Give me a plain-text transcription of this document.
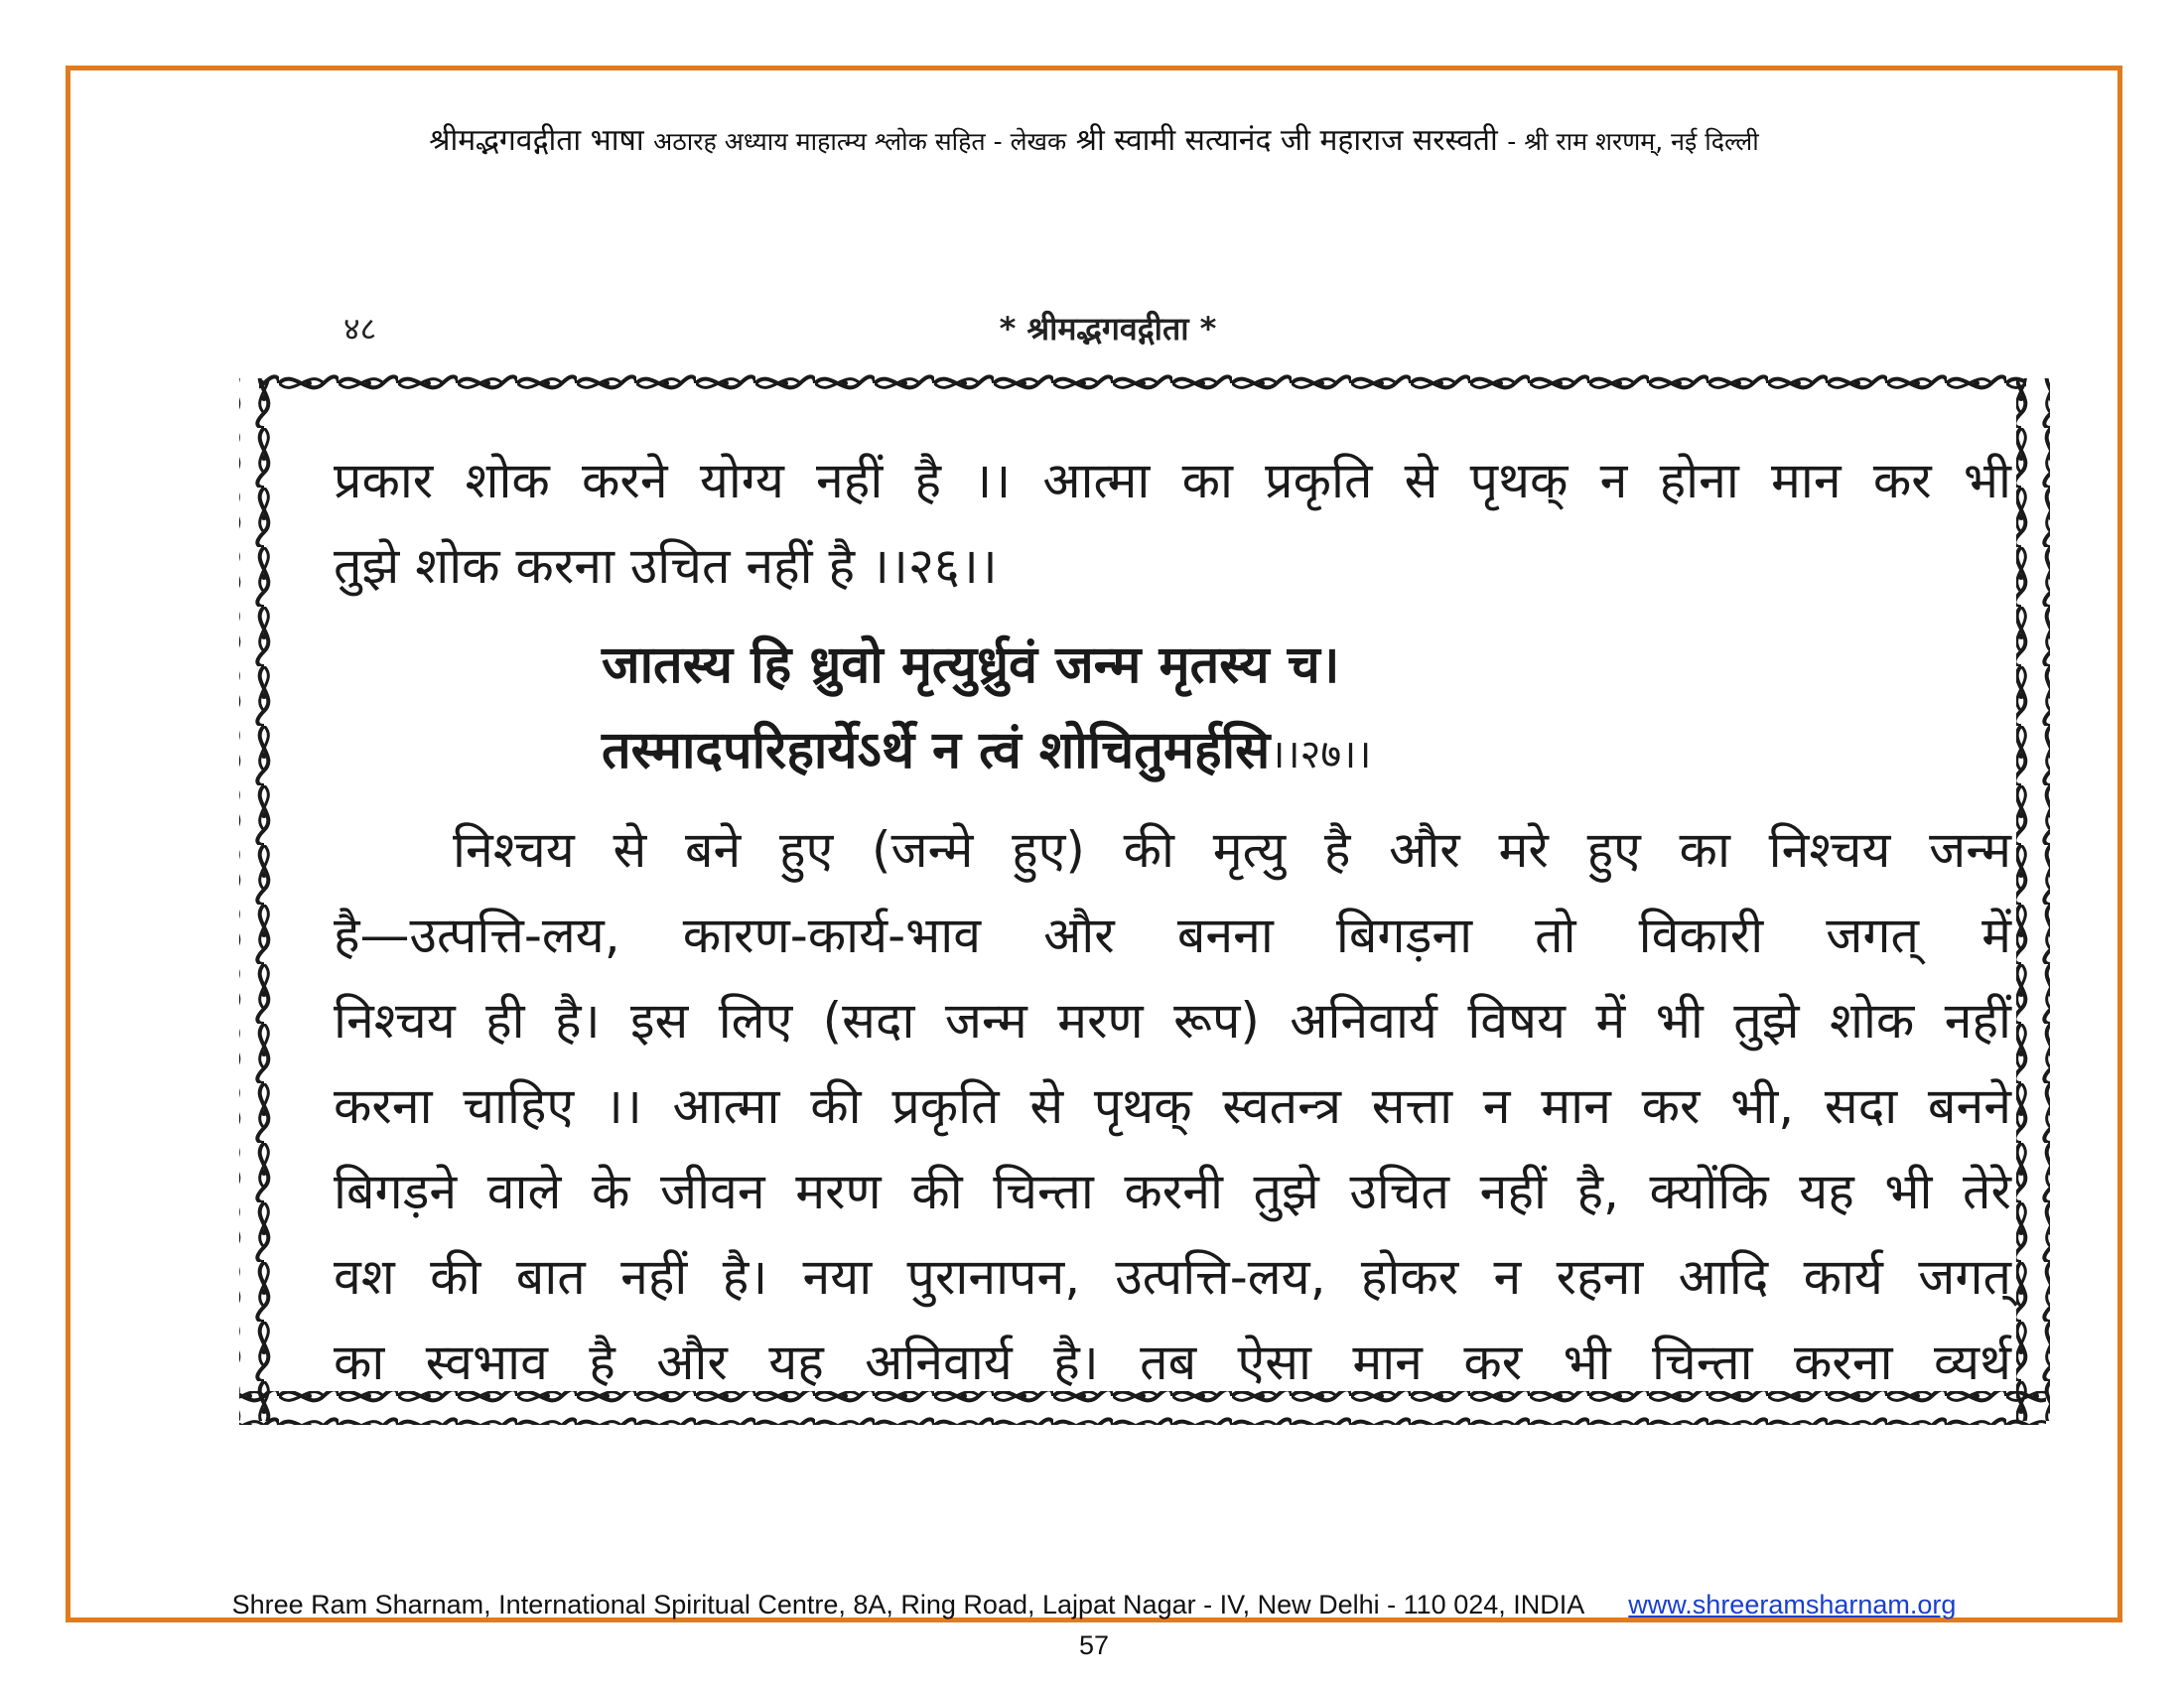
श्रीमद्भगवद्गीता भाषा अठारह अध्याय माहात्म्य श्लोक सहित - लेखक श्री स्वामी सत्यानंद जी महाराज सरस्वती - श्री राम शरणम्, नई दिल्ली
४८	* श्रीमद्भगवद्गीता *
प्रकार शोक करने योग्य नहीं है ।। आत्मा का प्रकृति से पृथक् न होना मान कर भी
तुझे शोक करना उचित नहीं है ।।२६।।
जातस्य हि ध्रुवो मृत्युर्ध्रुवं जन्म मृतस्य च।
तस्मादपरिहार्येऽर्थे न त्वं शोचितुमर्हसि।।२७।।
निश्चय से बने हुए (जन्मे हुए) की मृत्यु है और मरे हुए का निश्चय जन्म
है—उत्पत्ति-लय, कारण-कार्य-भाव और बनना बिगड़ना तो विकारी जगत् में
निश्चय ही है। इस लिए (सदा जन्म मरण रूप) अनिवार्य विषय में भी तुझे शोक नहीं
करना चाहिए ।। आत्मा की प्रकृति से पृथक् स्वतन्त्र सत्ता न मान कर भी, सदा बनने
बिगड़ने वाले के जीवन मरण की चिन्ता करनी तुझे उचित नहीं है, क्योंकि यह भी तेरे
वश की बात नहीं है। नया पुरानापन, उत्पत्ति-लय, होकर न रहना आदि कार्य जगत्
का स्वभाव है और यह अनिवार्य है। तब ऐसा मान कर भी चिन्ता करना व्यर्थ
Shree Ram Sharnam, International Spiritual Centre, 8A, Ring Road, Lajpat Nagar - IV, New Delhi - 110 024, INDIA www.shreeramsharnam.org
57
